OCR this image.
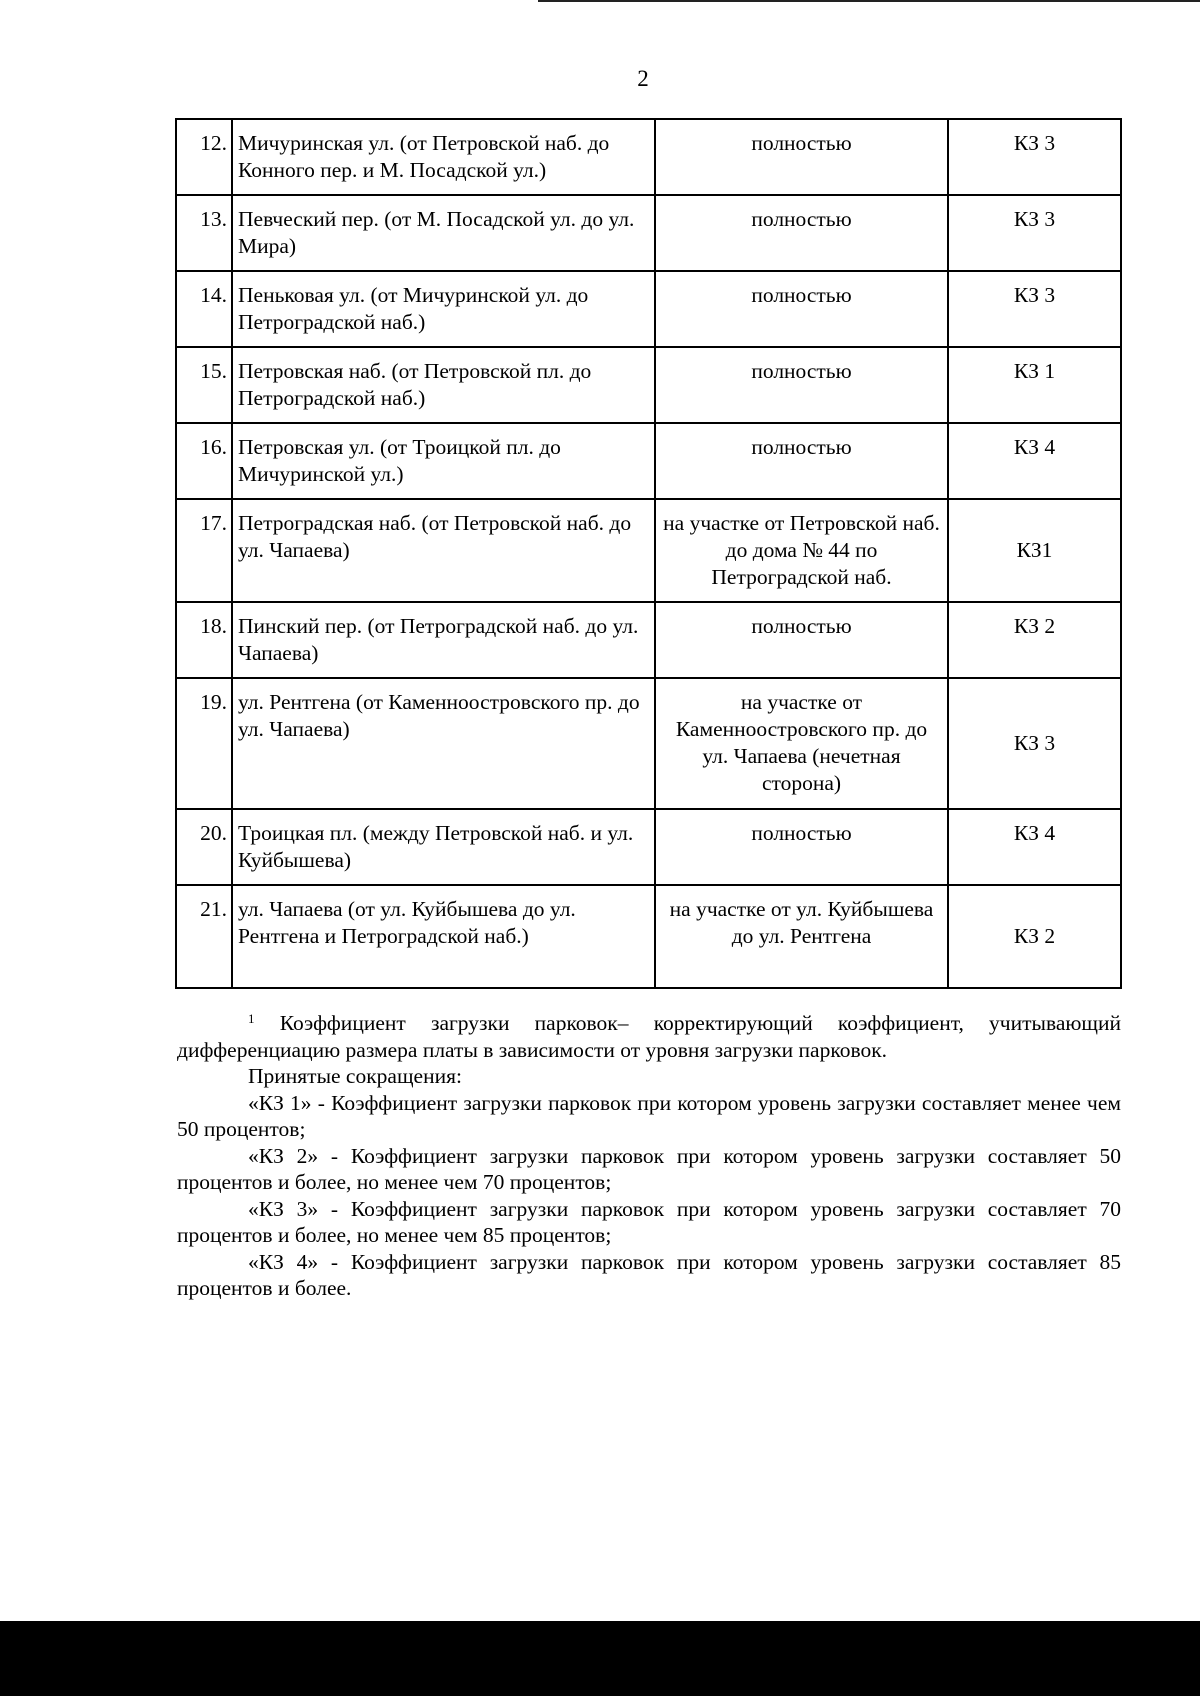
2
12.	Мичуринская ул. (от Петровской наб. до Конного пер. и М. Посадской ул.)	полностью	КЗ 3
13.	Певческий пер. (от М. Посадской ул. до ул. Мира)	полностью	КЗ 3
14.	Пеньковая ул. (от Мичуринской ул. до Петроградской наб.)	полностью	КЗ 3
15.	Петровская наб. (от Петровской пл. до Петроградской наб.)	полностью	КЗ 1
16.	Петровская ул. (от Троицкой пл. до Мичуринской ул.)	полностью	КЗ 4
17.	Петроградская наб. (от Петровской наб. до ул. Чапаева)	на участке от Петровской наб. до дома № 44 по Петроградской наб.	КЗ1
18.	Пинский пер. (от Петроградской наб. до ул. Чапаева)	полностью	КЗ 2
19.	ул. Рентгена (от Каменноостровского пр. до ул. Чапаева)	на участке от Каменноостровского пр. до ул. Чапаева (нечетная сторона)	КЗ 3
20.	Троицкая пл. (между Петровской наб. и ул. Куйбышева)	полностью	КЗ 4
21.	ул. Чапаева (от ул. Куйбышева до ул. Рентгена и Петроградской наб.)	на участке от ул. Куйбышева до ул. Рентгена	КЗ 2

$^1$ Коэффициент загрузки парковок– корректирующий коэффициент, учитывающий дифференциацию размера платы в зависимости от уровня загрузки парковок.

Принятые сокращения:

«КЗ 1» - Коэффициент загрузки парковок при котором уровень загрузки составляет менее чем 50 процентов;

«КЗ 2» - Коэффициент загрузки парковок при котором уровень загрузки составляет 50 процентов и более, но менее чем 70 процентов;

«КЗ 3» - Коэффициент загрузки парковок при котором уровень загрузки составляет 70 процентов и более, но менее чем 85 процентов;

«КЗ 4» - Коэффициент загрузки парковок при котором уровень загрузки составляет 85 процентов и более.
